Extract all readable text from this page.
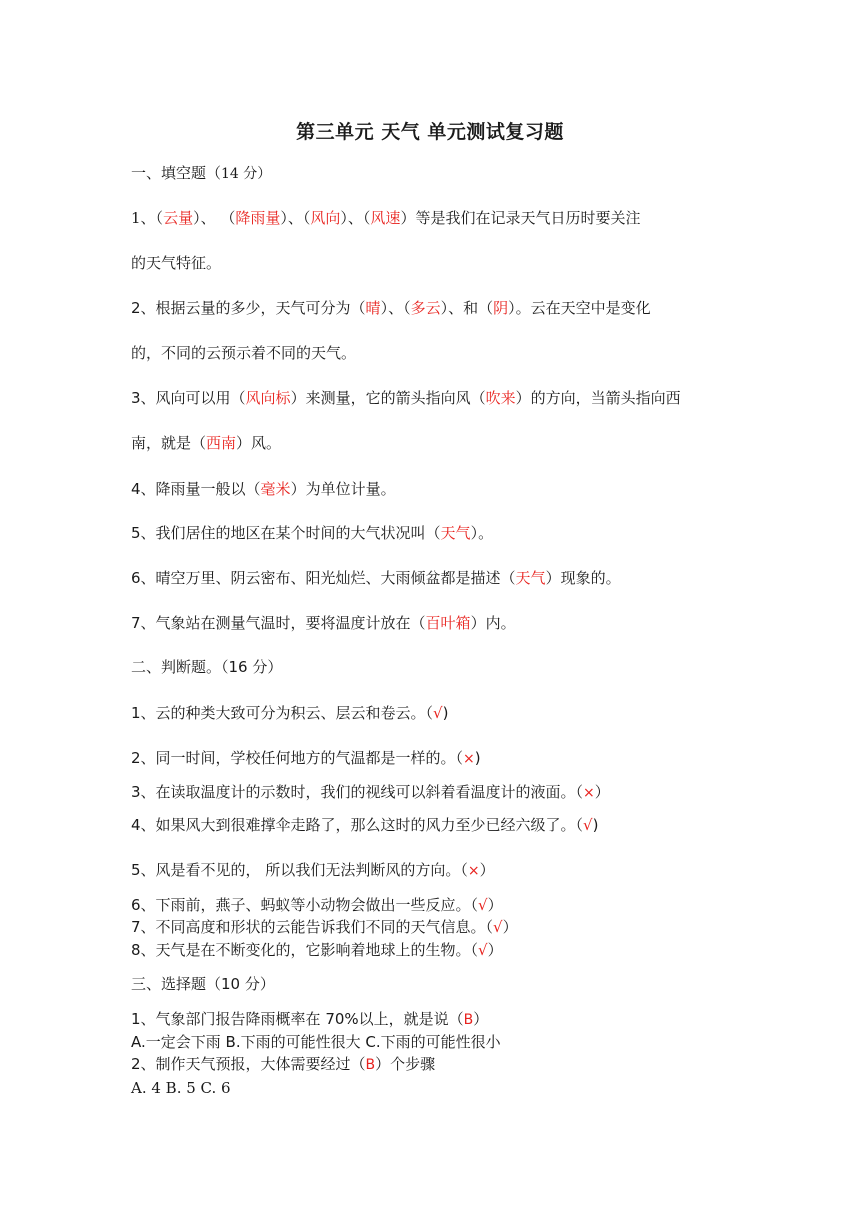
第三单元 天气 单元测试复习题
一、填空题（14 分）
1、（云量）、 （降雨量）、（风向）、（风速）等是我们在记录天气日历时要关注
的天气特征。
2、根据云量的多少，天气可分为（晴）、（多云）、和（阴）。云在天空中是变化
的，不同的云预示着不同的天气。
3、风向可以用（风向标）来测量，它的箭头指向风（吹来）的方向，当箭头指向西
南，就是（西南）风。
4、降雨量一般以（毫米）为单位计量。
5、我们居住的地区在某个时间的大气状况叫（天气）。
6、晴空万里、阴云密布、阳光灿烂、大雨倾盆都是描述（天气）现象的。
7、气象站在测量气温时，要将温度计放在（百叶箱）内。
二、判断题。（16 分）
1、云的种类大致可分为积云、层云和卷云。（√)
2、同一时间，学校任何地方的气温都是一样的。（×)
3、在读取温度计的示数时，我们的视线可以斜着看温度计的液面。（×）
4、如果风大到很难撑伞走路了，那么这时的风力至少已经六级了。（√)
5、风是看不见的， 所以我们无法判断风的方向。（×）
6、下雨前，燕子、蚂蚁等小动物会做出一些反应。（√）
7、不同高度和形状的云能告诉我们不同的天气信息。（√）
8、天气是在不断变化的，它影响着地球上的生物。（√）
三、选择题（10 分）
1、气象部门报告降雨概率在 70%以上，就是说（B）
A.一定会下雨 B.下雨的可能性很大 C.下雨的可能性很小
2、制作天气预报，大体需要经过（B）个步骤
A. 4 B. 5 C. 6
